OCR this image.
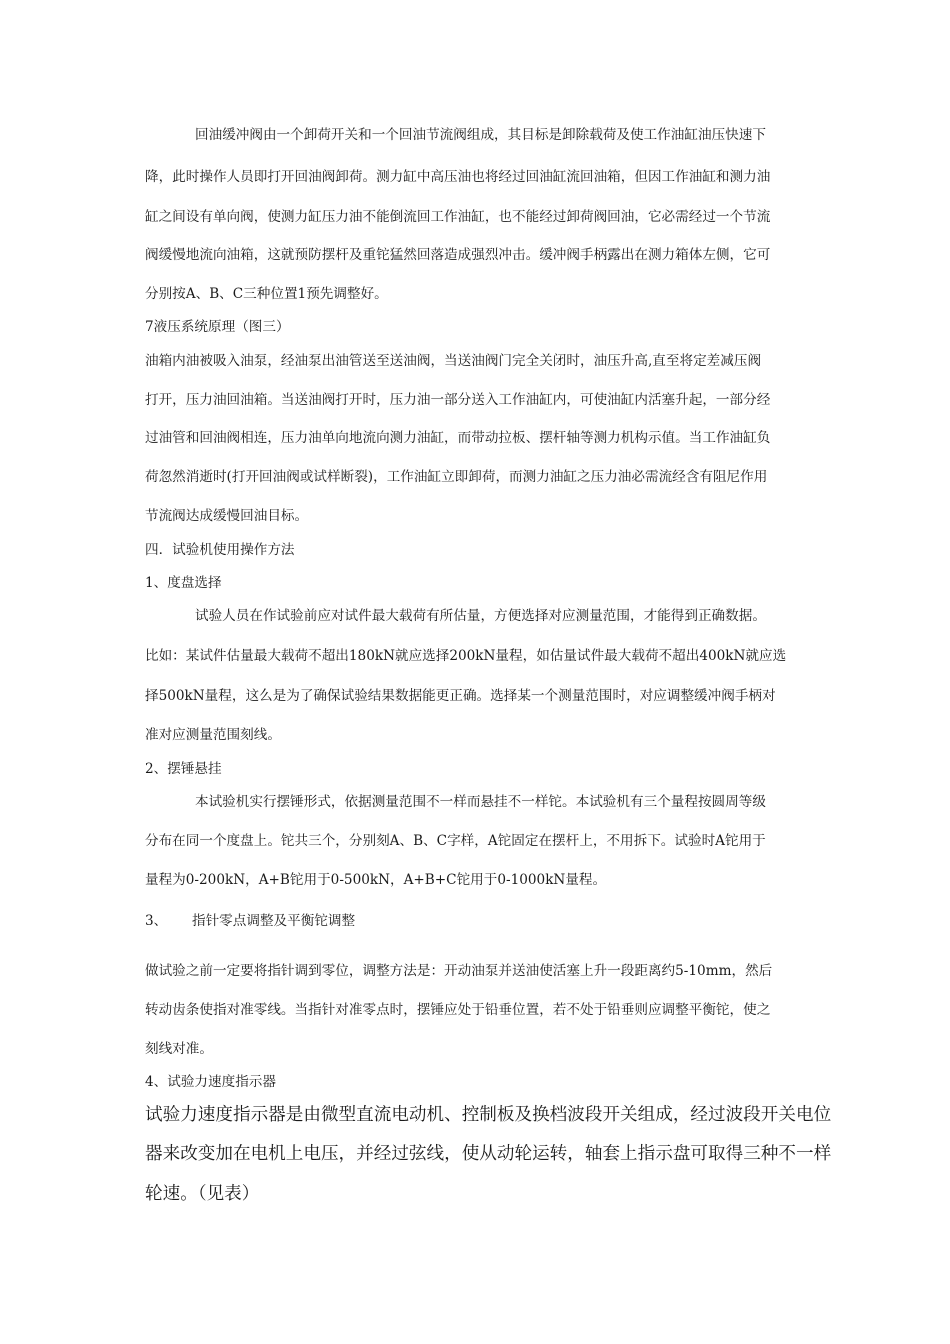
回油缓冲阀由一个卸荷开关和一个回油节流阀组成，其目标是卸除载荷及使工作油缸油压快速下
降，此时操作人员即打开回油阀卸荷。测力缸中高压油也将经过回油缸流回油箱，但因工作油缸和测力油
缸之间设有单向阀，使测力缸压力油不能倒流回工作油缸，也不能经过卸荷阀回油，它必需经过一个节流
阀缓慢地流向油箱，这就预防摆杆及重铊猛然回落造成强烈冲击。缓冲阀手柄露出在测力箱体左侧，它可
分别按A、B、C三种位置1预先调整好。
7液压系统原理（图三）
油箱内油被吸入油泵，经油泵出油管送至送油阀，当送油阀门完全关闭时，油压升高,直至将定差减压阀
打开，压力油回油箱。当送油阀打开时，压力油一部分送入工作油缸内，可使油缸内活塞升起，一部分经
过油管和回油阀相连，压力油单向地流向测力油缸，而带动拉板、摆杆轴等测力机构示值。当工作油缸负
荷忽然消逝时(打开回油阀或试样断裂)，工作油缸立即卸荷，而测力油缸之压力油必需流经含有阻尼作用
节流阀达成缓慢回油目标。
四．试验机使用操作方法
1、度盘选择
试验人员在作试验前应对试件最大载荷有所估量，方便选择对应测量范围，才能得到正确数据。
比如：某试件估量最大载荷不超出180kN就应选择200kN量程，如估量试件最大载荷不超出400kN就应选
择500kN量程，这么是为了确保试验结果数据能更正确。选择某一个测量范围时，对应调整缓冲阀手柄对
准对应测量范围刻线。
2、摆锤悬挂
本试验机实行摆锤形式，依据测量范围不一样而悬挂不一样铊。本试验机有三个量程按圆周等级
分布在同一个度盘上。铊共三个，分别刻A、B、C字样，A铊固定在摆杆上，不用拆下。试验时A铊用于
量程为0-200kN，A+B铊用于0-500kN，A+B+C铊用于0-1000kN量程。
3、 指针零点调整及平衡铊调整
做试验之前一定要将指针调到零位，调整方法是：开动油泵并送油使活塞上升一段距离约5-10mm，然后
转动齿条使指对准零线。当指针对准零点时，摆锤应处于铅垂位置，若不处于铅垂则应调整平衡铊，使之
刻线对准。
4、试验力速度指示器
试验力速度指示器是由微型直流电动机、控制板及换档波段开关组成，经过波段开关电位
器来改变加在电机上电压，并经过弦线，使从动轮运转，轴套上指示盘可取得三种不一样
轮速。（见表）
